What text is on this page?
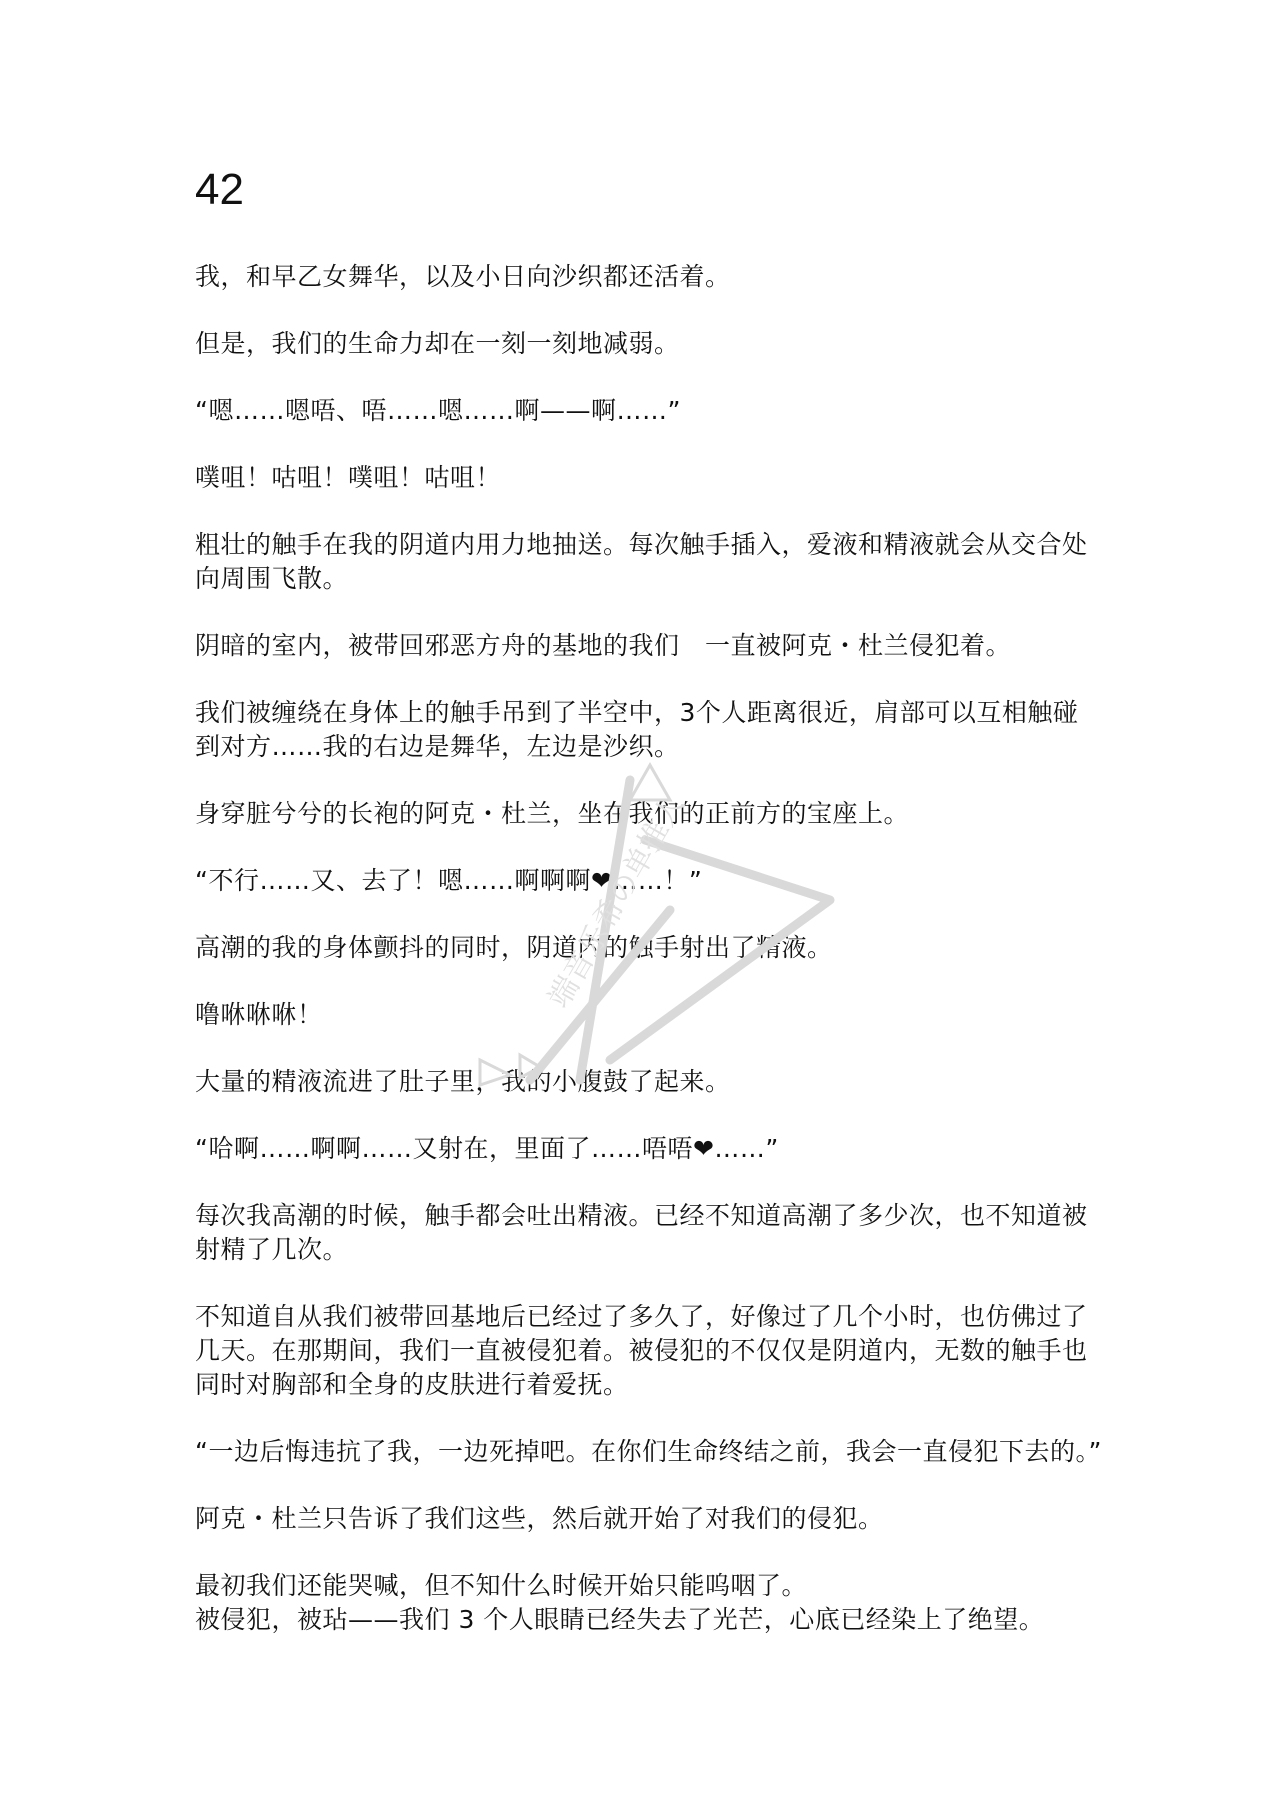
42
我，和早乙女舞华，以及小日向沙织都还活着。
但是，我们的生命力却在一刻一刻地减弱。
“嗯……嗯唔、唔……嗯……啊——啊……”
噗咀！咕咀！噗咀！咕咀！
粗壮的触手在我的阴道内用力地抽送。每次触手插入，爱液和精液就会从交合处
向周围飞散。
阴暗的室内，被带回邪恶方舟的基地的我们　一直被阿克・杜兰侵犯着。
我们被缠绕在身体上的触手吊到了半空中，3个人距离很近，肩部可以互相触碰
到对方……我的右边是舞华，左边是沙织。
身穿脏兮兮的长袍的阿克・杜兰，坐在我们的正前方的宝座上。
“不行……又、去了！嗯……啊啊啊❤……！”
高潮的我的身体颤抖的同时，阴道内的触手射出了精液。
噜咻咻咻！
大量的精液流进了肚子里，我的小腹鼓了起来。
“哈啊……啊啊……又射在，里面了……唔唔❤……”
每次我高潮的时候，触手都会吐出精液。已经不知道高潮了多少次，也不知道被
射精了几次。
不知道自从我们被带回基地后已经过了多久了，好像过了几个小时，也仿佛过了
几天。在那期间，我们一直被侵犯着。被侵犯的不仅仅是阴道内，无数的触手也
同时对胸部和全身的皮肤进行着爱抚。
“一边后悔违抗了我，一边死掉吧。在你们生命终结之前，我会一直侵犯下去的。”
阿克・杜兰只告诉了我们这些，然后就开始了对我们的侵犯。
最初我们还能哭喊，但不知什么时候开始只能呜咽了。
被侵犯，被玷——我们 3 个人眼睛已经失去了光芒，心底已经染上了绝望。
端音乐希の单推人
